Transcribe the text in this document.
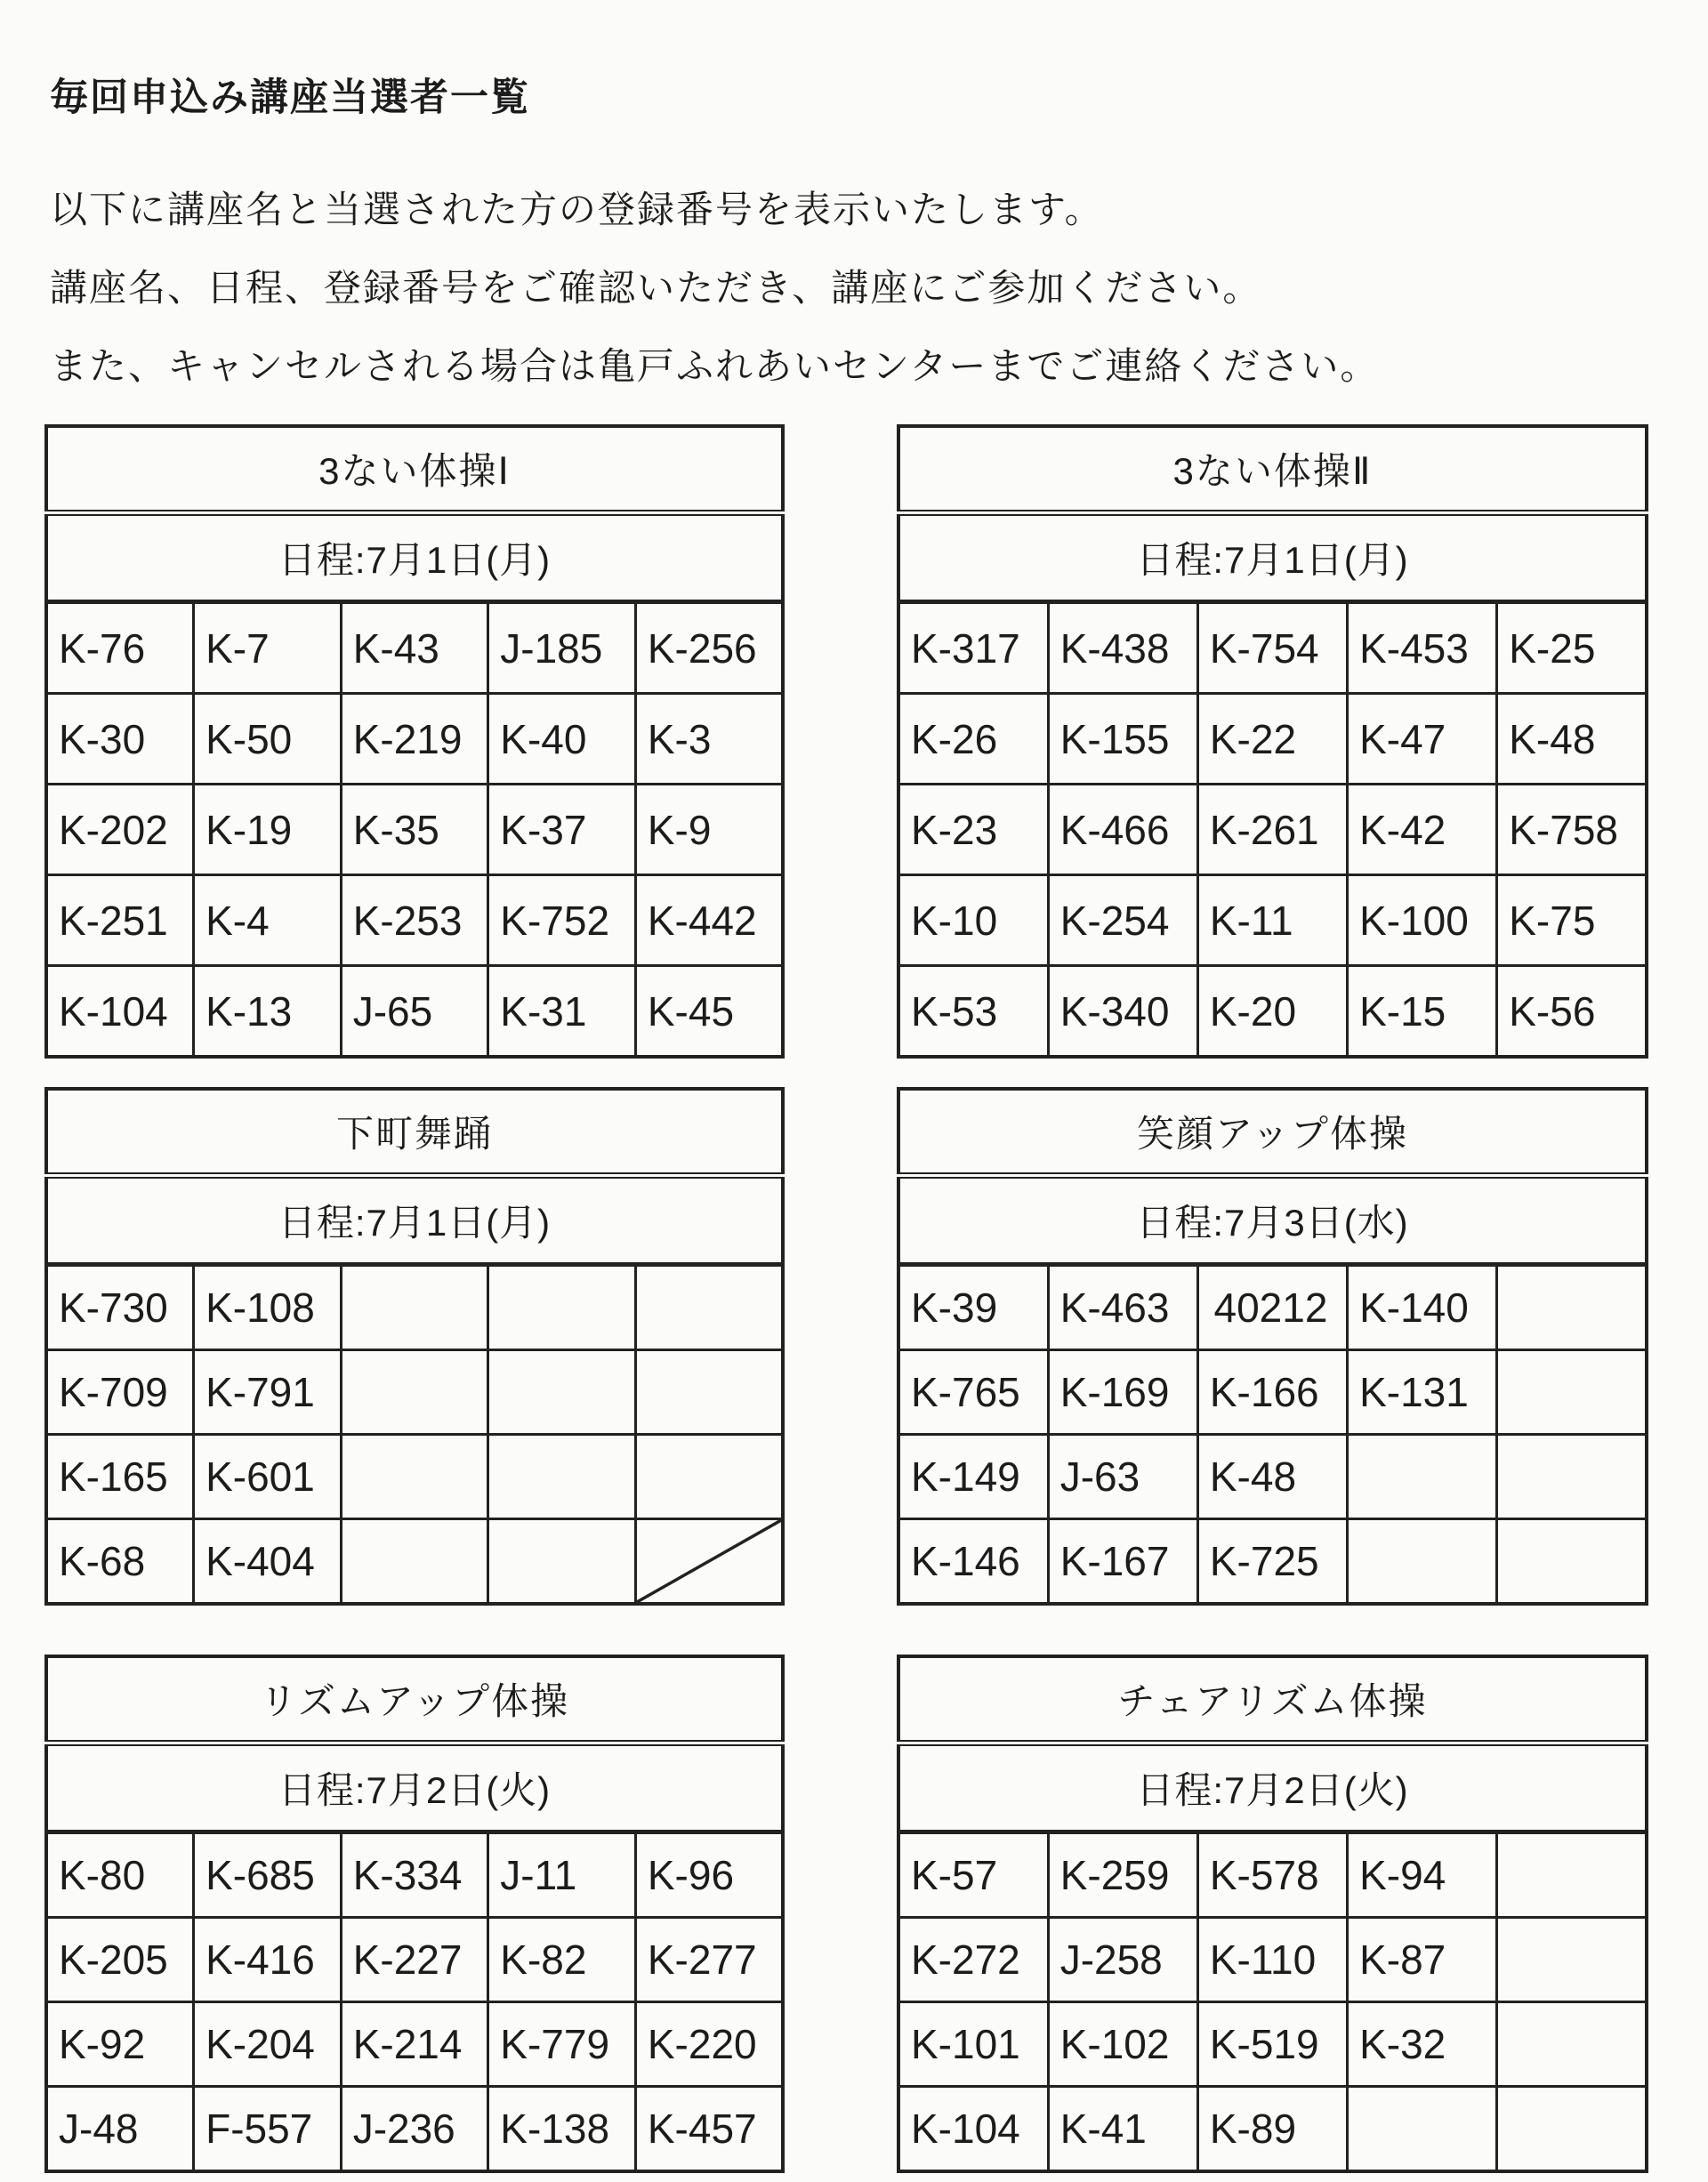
毎回申込み講座当選者一覧

以下に講座名と当選された方の登録番号を表示いたします。

講座名、日程、登録番号をご確認いただき、講座にご参加ください。

また、キャンセルされる場合は亀戸ふれあいセンターまでご連絡ください。

3ない体操Ⅰ				
日程:7月1日(月)				
K-76	K-7	K-43	J-185	K-256
K-30	K-50	K-219	K-40	K-3
K-202	K-19	K-35	K-37	K-9
K-251	K-4	K-253	K-752	K-442
K-104	K-13	J-65	K-31	K-45
3ない体操Ⅱ				
日程:7月1日(月)				
K-317	K-438	K-754	K-453	K-25
K-26	K-155	K-22	K-47	K-48
K-23	K-466	K-261	K-42	K-758
K-10	K-254	K-11	K-100	K-75
K-53	K-340	K-20	K-15	K-56
下町舞踊				
日程:7月1日(月)				
K-730	K-108			
K-709	K-791			
K-165	K-601			
K-68	K-404			
笑顔アップ体操				
日程:7月3日(水)				
K-39	K-463	40212	K-140	
K-765	K-169	K-166	K-131	
K-149	J-63	K-48		
K-146	K-167	K-725		
リズムアップ体操				
日程:7月2日(火)				
K-80	K-685	K-334	J-11	K-96
K-205	K-416	K-227	K-82	K-277
K-92	K-204	K-214	K-779	K-220
J-48	F-557	J-236	K-138	K-457
チェアリズム体操				
日程:7月2日(火)				
K-57	K-259	K-578	K-94	
K-272	J-258	K-110	K-87	
K-101	K-102	K-519	K-32	
K-104	K-41	K-89		
